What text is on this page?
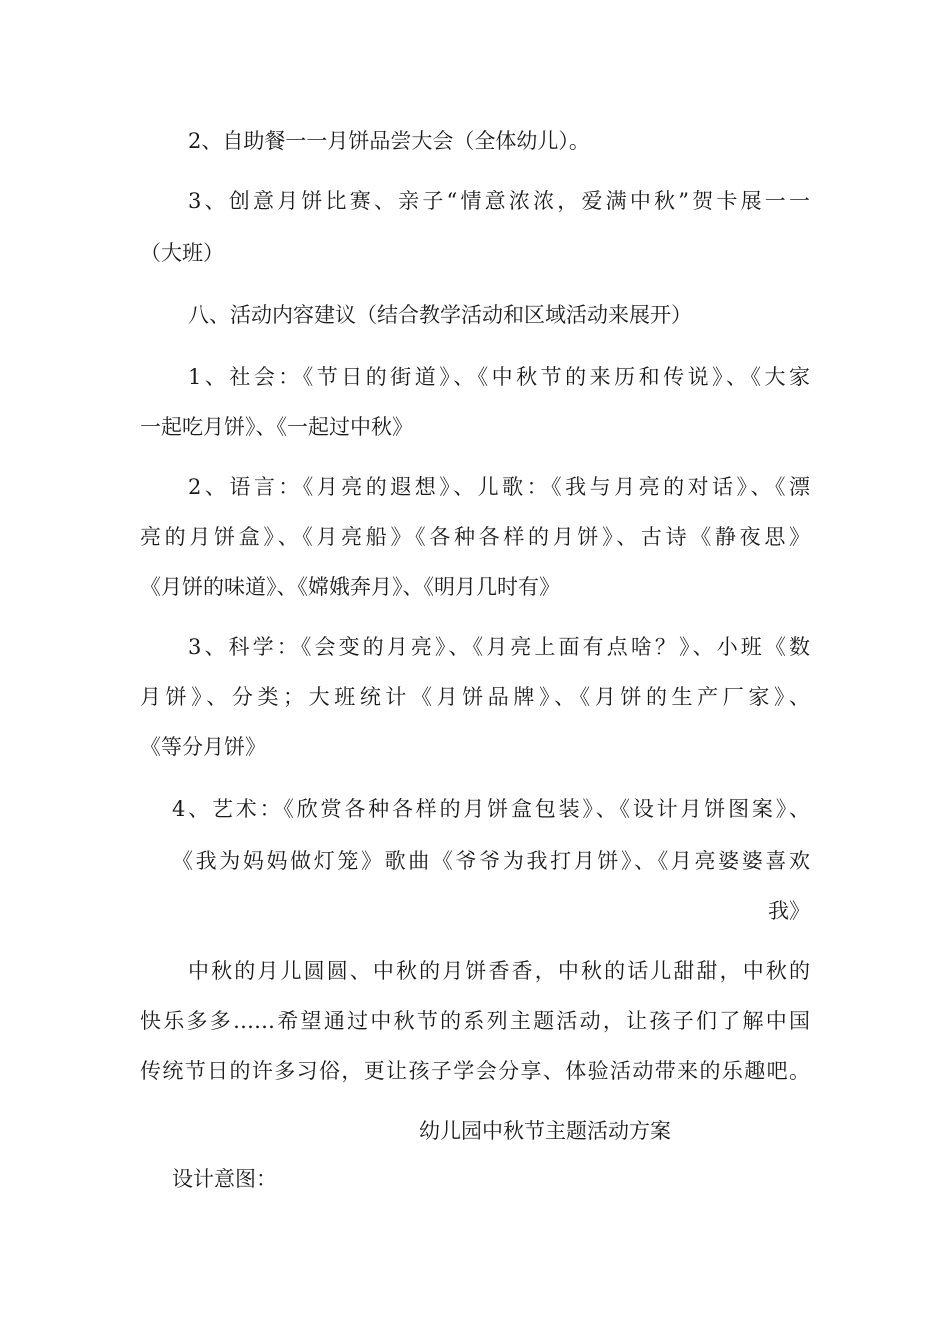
2、自助餐一一月饼品尝大会（全体幼儿）。
3、创意月饼比赛、亲子“情意浓浓，爱满中秋”贺卡展一一
（大班）
八、活动内容建议（结合教学活动和区域活动来展开）
1、社会：《节日的街道》、《中秋节的来历和传说》、《大家
一起吃月饼》、《一起过中秋》
2、语言：《月亮的遐想》、儿歌：《我与月亮的对话》、《漂
亮的月饼盒》、《月亮船》《各种各样的月饼》、古诗《静夜思》
《月饼的味道》、《嫦娥奔月》、《明月几时有》
3、科学：《会变的月亮》、《月亮上面有点啥？》、小班《数
月饼》、分类；大班统计《月饼品牌》、《月饼的生产厂家》、
《等分月饼》
4、艺术：《欣赏各种各样的月饼盒包装》、《设计月饼图案》、
《我为妈妈做灯笼》歌曲《爷爷为我打月饼》、《月亮婆婆喜欢
我》
中秋的月儿圆圆、中秋的月饼香香，中秋的话儿甜甜，中秋的
快乐多多……希望通过中秋节的系列主题活动，让孩子们了解中国
传统节日的许多习俗，更让孩子学会分享、体验活动带来的乐趣吧。
幼儿园中秋节主题活动方案
设计意图：
